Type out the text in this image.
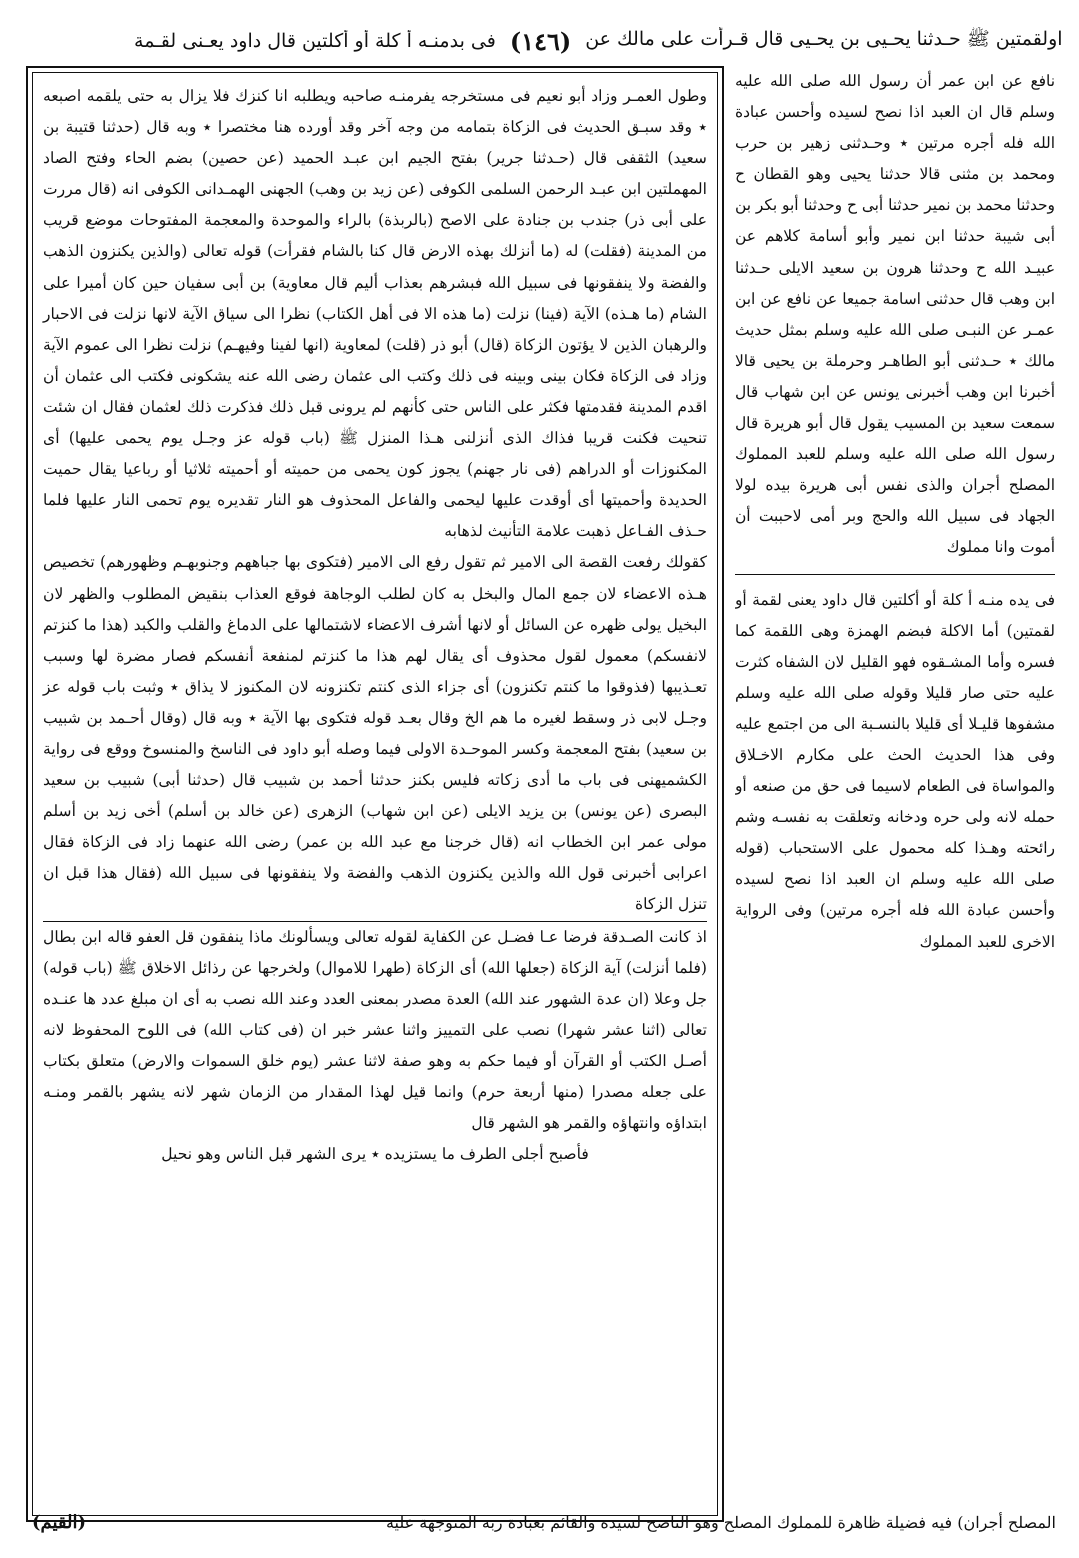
فى بدمنـه أ كلة أو أكلتين قال داود يعـنى لقـمة (١٤٦) اولقمتين ﷺ حـدثنا يحـيى بن يحـيى قال قـرأت على مالك عن

نافع عن ابن عمر أن رسول الله صلى الله عليه وسلم قال ان العبد اذا نصح لسيده وأحسن عبادة الله فله أجره مرتين ٭ وحـدثنى زهير بن حرب ومحمد بن مثنى قالا حدثنا يحيى وهو القطان ح وحدثنا محمد بن نمير حدثنا أبى ح وحدثنا أبو بكر بن أبى شيبة حدثنا ابن نمير وأبو أسامة كلاهم عن عبيـد الله ح وحدثنا هرون بن سعيد الايلى حـدثنا ابن وهب قال حدثنى اسامة جميعا عن نافع عن ابن عمـر عن النبـى صلى الله عليه وسلم بمثل حديث مالك ٭ حـدثنى أبو الطاهـر وحرملة بن يحيى قالا أخبرنا ابن وهب أخبرنى يونس عن ابن شهاب قال سمعت سعيد بن المسيب يقول قال أبو هريرة قال رسول الله صلى الله عليه وسلم للعبد المملوك المصلح أجران والذى نفس أبى هريرة بيده لولا الجهاد فى سبيل الله والحج وبر أمى لاحببت أن أموت وانا مملوك

فى يده منـه أ كلة أو أكلتين قال داود يعنى لقمة أو لقمتين) أما الاكلة فبضم الهمزة وهى اللقمة كما فسره وأما المشـقوه فهو القليل لان الشفاه كثرت عليه حتى صار قليلا وقوله صلى الله عليه وسلم مشفوها قليـلا أى قليلا بالنسـبة الى من اجتمع عليه وفى هذا الحديث الحث على مكارم الاخـلاق والمواساة فى الطعام لاسيما فى حق من صنعه أو حمله لانه ولى حره ودخانه وتعلقت به نفسـه وشم رائحته وهـذا كله محمول على الاستحباب (قوله صلى الله عليه وسلم ان العبد اذا نصح لسيده وأحسن عبادة الله فله أجره مرتين) وفى الرواية الاخرى للعبد المملوك

وطول العمـر وزاد أبو نعيم فى مستخرجه يفرمنـه صاحبه ويطلبه انا كنزك فلا يزال به حتى يلقمه اصبعه ٭ وقد سبـق الحديث فى الزكاة بتمامه من وجه آخر وقد أورده هنا مختصرا ٭ وبه قال (حدثنا قتيبة بن سعيد) الثقفى قال (حـدثنا جرير) بفتح الجيم ابن عبـد الحميد (عن حصين) بضم الحاء وفتح الصاد المهملتين ابن عبـد الرحمن السلمى الكوفى (عن زيد بن وهب) الجهنى الهمـدانى الكوفى انه (قال مررت على أبى ذر) جندب بن جنادة على الاصح (بالربذة) بالراء والموحدة والمعجمة المفتوحات موضع قريب من المدينة (فقلت) له (ما أنزلك بهذه الارض قال كنا بالشام فقرأت) قوله تعالى (والذين يكنزون الذهب والفضة ولا ينفقونها فى سبيل الله فبشرهم بعذاب أليم قال معاوية) بن أبى سفيان حين كان أميرا على الشام (ما هـذه) الآية (فينا) نزلت (ما هذه الا فى أهل الكتاب) نظرا الى سياق الآية لانها نزلت فى الاحبار والرهبان الذين لا يؤتون الزكاة (قال) أبو ذر (قلت) لمعاوية (انها لفينا وفيهـم) نزلت نظرا الى عموم الآية وزاد فى الزكاة فكان بينى وبينه فى ذلك وكتب الى عثمان رضى الله عنه يشكونى فكتب الى عثمان أن اقدم المدينة فقدمتها فكثر على الناس حتى كأنهم لم يرونى قبل ذلك فذكرت ذلك لعثمان فقال ان شئت تنحيت فكنت قريبا فذاك الذى أنزلنى هـذا المنزل ﷺ (باب قوله عز وجـل يوم يحمى عليها) أى المكنوزات أو الدراهم (فى نار جهنم) يجوز كون يحمى من حميته أو أحميته ثلاثيا أو رباعيا يقال حميت الحديدة وأحميتها أى أوقدت عليها ليحمى والفاعل المحذوف هو النار تقديره يوم تحمى النار عليها فلما حـذف الفـاعل ذهبت علامة التأنيث لذهابه

كقولك رفعت القصة الى الامير ثم تقول رفع الى الامير (فتكوى بها جباههم وجنوبهـم وظهورهم) تخصيص هـذه الاعضاء لان جمع المال والبخل به كان لطلب الوجاهة فوقع العذاب بنقيض المطلوب والظهر لان البخيل يولى ظهره عن السائل أو لانها أشرف الاعضاء لاشتمالها على الدماغ والقلب والكبد (هذا ما كنزتم لانفسكم) معمول لقول محذوف أى يقال لهم هذا ما كنزتم لمنفعة أنفسكم فصار مضرة لها وسبب تعـذيبها (فذوقوا ما كنتم تكنزون) أى جزاء الذى كنتم تكنزونه لان المكنوز لا يذاق ٭ وثبت باب قوله عز وجـل لابى ذر وسقط لغيره ما هم الخ وقال بعـد قوله فتكوى بها الآية ٭ وبه قال (وقال أحـمد بن شبيب بن سعيد) بفتح المعجمة وكسر الموحـدة الاولى فيما وصله أبو داود فى الناسخ والمنسوخ ووقع فى رواية الكشميهنى فى باب ما أدى زكاته فليس بكنز حدثنا أحمد بن شبيب قال (حدثنا أبى) شبيب بن سعيد البصرى (عن يونس) بن يزيد الايلى (عن ابن شهاب) الزهرى (عن خالد بن أسلم) أخى زيد بن أسلم مولى عمر ابن الخطاب انه (قال خرجنا مع عبد الله بن عمر) رضى الله عنهما زاد فى الزكاة فقال اعرابى أخبرنى قول الله والذين يكنزون الذهب والفضة ولا ينفقونها فى سبيل الله (فقال هذا قبل ان تنزل الزكاة

اذ كانت الصـدقة فرضا عـا فضـل عن الكفاية لقوله تعالى ويسألونك ماذا ينفقون قل العفو قاله ابن بطال (فلما أنزلت) آية الزكاة (جعلها الله) أى الزكاة (طهرا للاموال) ولخرجها عن رذائل الاخلاق ﷺ (باب قوله) جل وعلا (ان عدة الشهور عند الله) العدة مصدر بمعنى العدد وعند الله نصب به أى ان مبلغ عدد ها عنـده تعالى (اثنا عشر شهرا) نصب على التمييز واثنا عشر خبر ان (فى كتاب الله) فى اللوح المحفوظ لانه أصـل الكتب أو القرآن أو فيما حكم به وهو صفة لاثنا عشر (يوم خلق السموات والارض) متعلق بكتاب على جعله مصدرا (منها أربعة حرم) وانما قيل لهذا المقدار من الزمان شهر لانه يشهر بالقمر ومنـه ابتداؤه وانتهاؤه والقمر هو الشهر قال

فأصبح أجلى الطرف ما يستزيده ٭ يرى الشهر قبل الناس وهو نحيل

المصلح أجران) فيه فضيلة ظاهرة للمملوك المصلح وهو الناصح لسيده والقائم بعبادة ربه المتوجهة عليه
(القيم)
